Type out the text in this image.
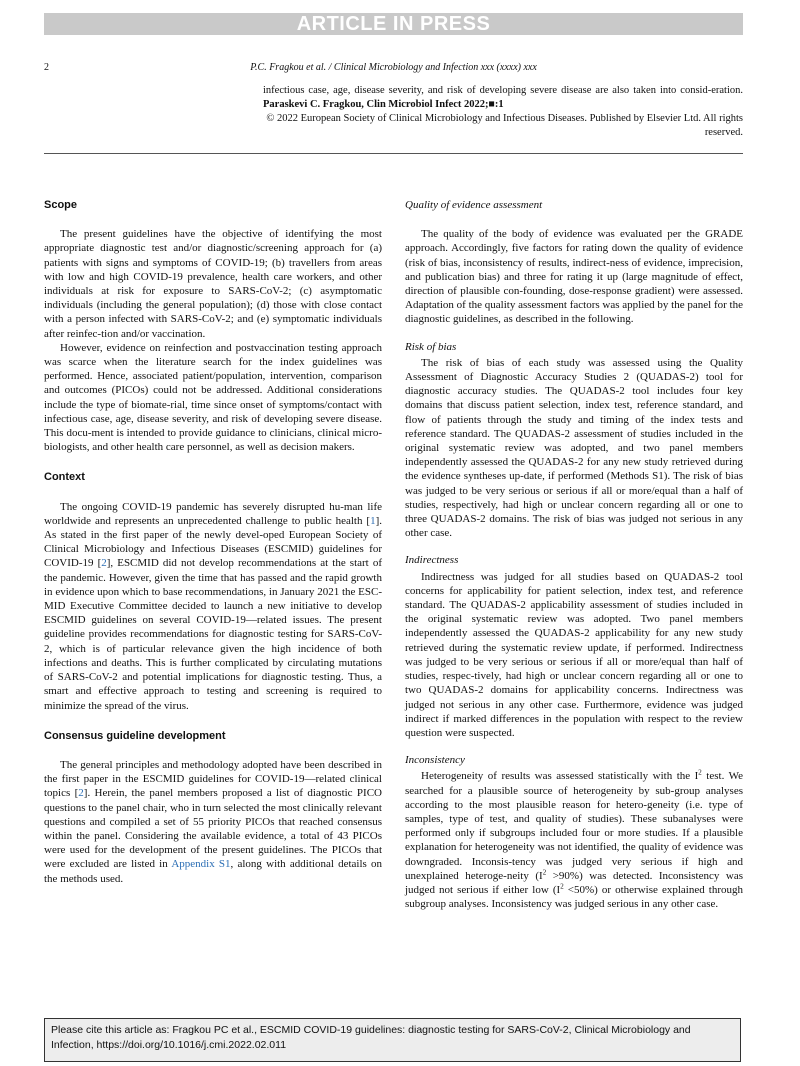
ARTICLE IN PRESS
2	P.C. Fragkou et al. / Clinical Microbiology and Infection xxx (xxxx) xxx

infectious case, age, disease severity, and risk of developing severe disease are also taken into consid-eration. Paraskevi C. Fragkou, Clin Microbiol Infect 2022;■:1

© 2022 European Society of Clinical Microbiology and Infectious Diseases. Published by Elsevier Ltd. All rights reserved.

Scope

The present guidelines have the objective of identifying the most appropriate diagnostic test and/or diagnostic/screening approach for (a) patients with signs and symptoms of COVID-19; (b) travellers from areas with low and high COVID-19 prevalence, health care workers, and other individuals at risk for exposure to SARS-CoV-2; (c) asymptomatic individuals (including the general population); (d) those with close contact with a person infected with SARS-CoV-2; and (e) symptomatic individuals after reinfec-tion and/or vaccination.

However, evidence on reinfection and postvaccination testing approach was scarce when the literature search for the index guidelines was performed. Hence, associated patient/population, intervention, comparison and outcomes (PICOs) could not be addressed. Additional considerations include the type of biomate-rial, time since onset of symptoms/contact with infectious case, age, disease severity, and risk of developing severe disease. This docu-ment is intended to provide guidance to clinicians, clinical micro-biologists, and other health care personnel, as well as decision makers.

Context

The ongoing COVID-19 pandemic has severely disrupted hu-man life worldwide and represents an unprecedented challenge to public health [1]. As stated in the first paper of the newly devel-oped European Society of Clinical Microbiology and Infectious Diseases (ESCMID) guidelines for COVID-19 [2], ESCMID did not develop recommendations at the start of the pandemic. However, given the time that has passed and the rapid growth in evidence upon which to base recommendations, in January 2021 the ESC-MID Executive Committee decided to launch a new initiative to develop ESCMID guidelines on several COVID-19—related issues. The present guideline provides recommendations for diagnostic testing for SARS-CoV-2, which is of particular relevance given the high incidence of both infections and deaths. This is further complicated by circulating mutations of SARS-CoV-2 and potential implications for diagnostic testing. Thus, a smart and effective approach to testing and screening is required to minimize the spread of the virus.

Consensus guideline development

The general principles and methodology adopted have been described in the first paper in the ESCMID guidelines for COVID-19—related clinical topics [2]. Herein, the panel members proposed a list of diagnostic PICO questions to the panel chair, who in turn selected the most clinically relevant questions and compiled a set of 55 priority PICOs that reached consensus within the panel. Considering the available evidence, a total of 43 PICOs were used for the development of the present guidelines. The PICOs that were excluded are listed in Appendix S1, along with additional details on the methods used.

Quality of evidence assessment

The quality of the body of evidence was evaluated per the GRADE approach. Accordingly, five factors for rating down the quality of evidence (risk of bias, inconsistency of results, indirect-ness of evidence, imprecision, and publication bias) and three for rating it up (large magnitude of effect, direction of plausible con-founding, dose-response gradient) were assessed. Adaptation of the quality assessment factors was applied by the panel for the diagnostic guidelines, as described in the following.

Risk of bias

The risk of bias of each study was assessed using the Quality Assessment of Diagnostic Accuracy Studies 2 (QUADAS-2) tool for diagnostic accuracy studies. The QUADAS-2 tool includes four key domains that discuss patient selection, index test, reference standard, and flow of patients through the study and timing of the index tests and reference standard. The QUADAS-2 assessment of studies included in the original systematic review was adopted, and two panel members independently assessed the QUADAS-2 for any new study retrieved during the evidence syntheses up-date, if performed (Methods S1). The risk of bias was judged to be very serious or serious if all or more/equal than a half of studies, respectively, had high or unclear concern regarding all or one to three QUADAS-2 domains. The risk of bias was judged not serious in any other case.

Indirectness

Indirectness was judged for all studies based on QUADAS-2 tool concerns for applicability for patient selection, index test, and reference standard. The QUADAS-2 applicability assessment of studies included in the original systematic review was adopted. Two panel members independently assessed the QUADAS-2 applicability for any new study retrieved during the systematic review update, if performed. Indirectness was judged to be very serious or serious if all or more/equal than half of studies, respec-tively, had high or unclear concern regarding all or one to two QUADAS-2 domains for applicability concerns. Indirectness was judged not serious in any other case. Furthermore, evidence was judged indirect if marked differences in the population with respect to the review question were suspected.

Inconsistency

Heterogeneity of results was assessed statistically with the $I^2$ test. We searched for a plausible source of heterogeneity by sub-group analyses according to the most plausible reason for hetero-geneity (i.e. type of samples, type of test, and quality of studies). These subanalyses were performed only if subgroups included four or more studies. If a plausible explanation for heterogeneity was not identified, the quality of evidence was downgraded. Inconsis-tency was judged very serious if high and unexplained heteroge-neity $(I^2 >90\%)$ was detected. Inconsistency was judged not serious if either low $(I^2 <50\%)$ or otherwise explained through subgroup analyses. Inconsistency was judged serious in any other case.

Please cite this article as: Fragkou PC et al., ESCMID COVID-19 guidelines: diagnostic testing for SARS-CoV-2, Clinical Microbiology and Infection, https://doi.org/10.1016/j.cmi.2022.02.011
